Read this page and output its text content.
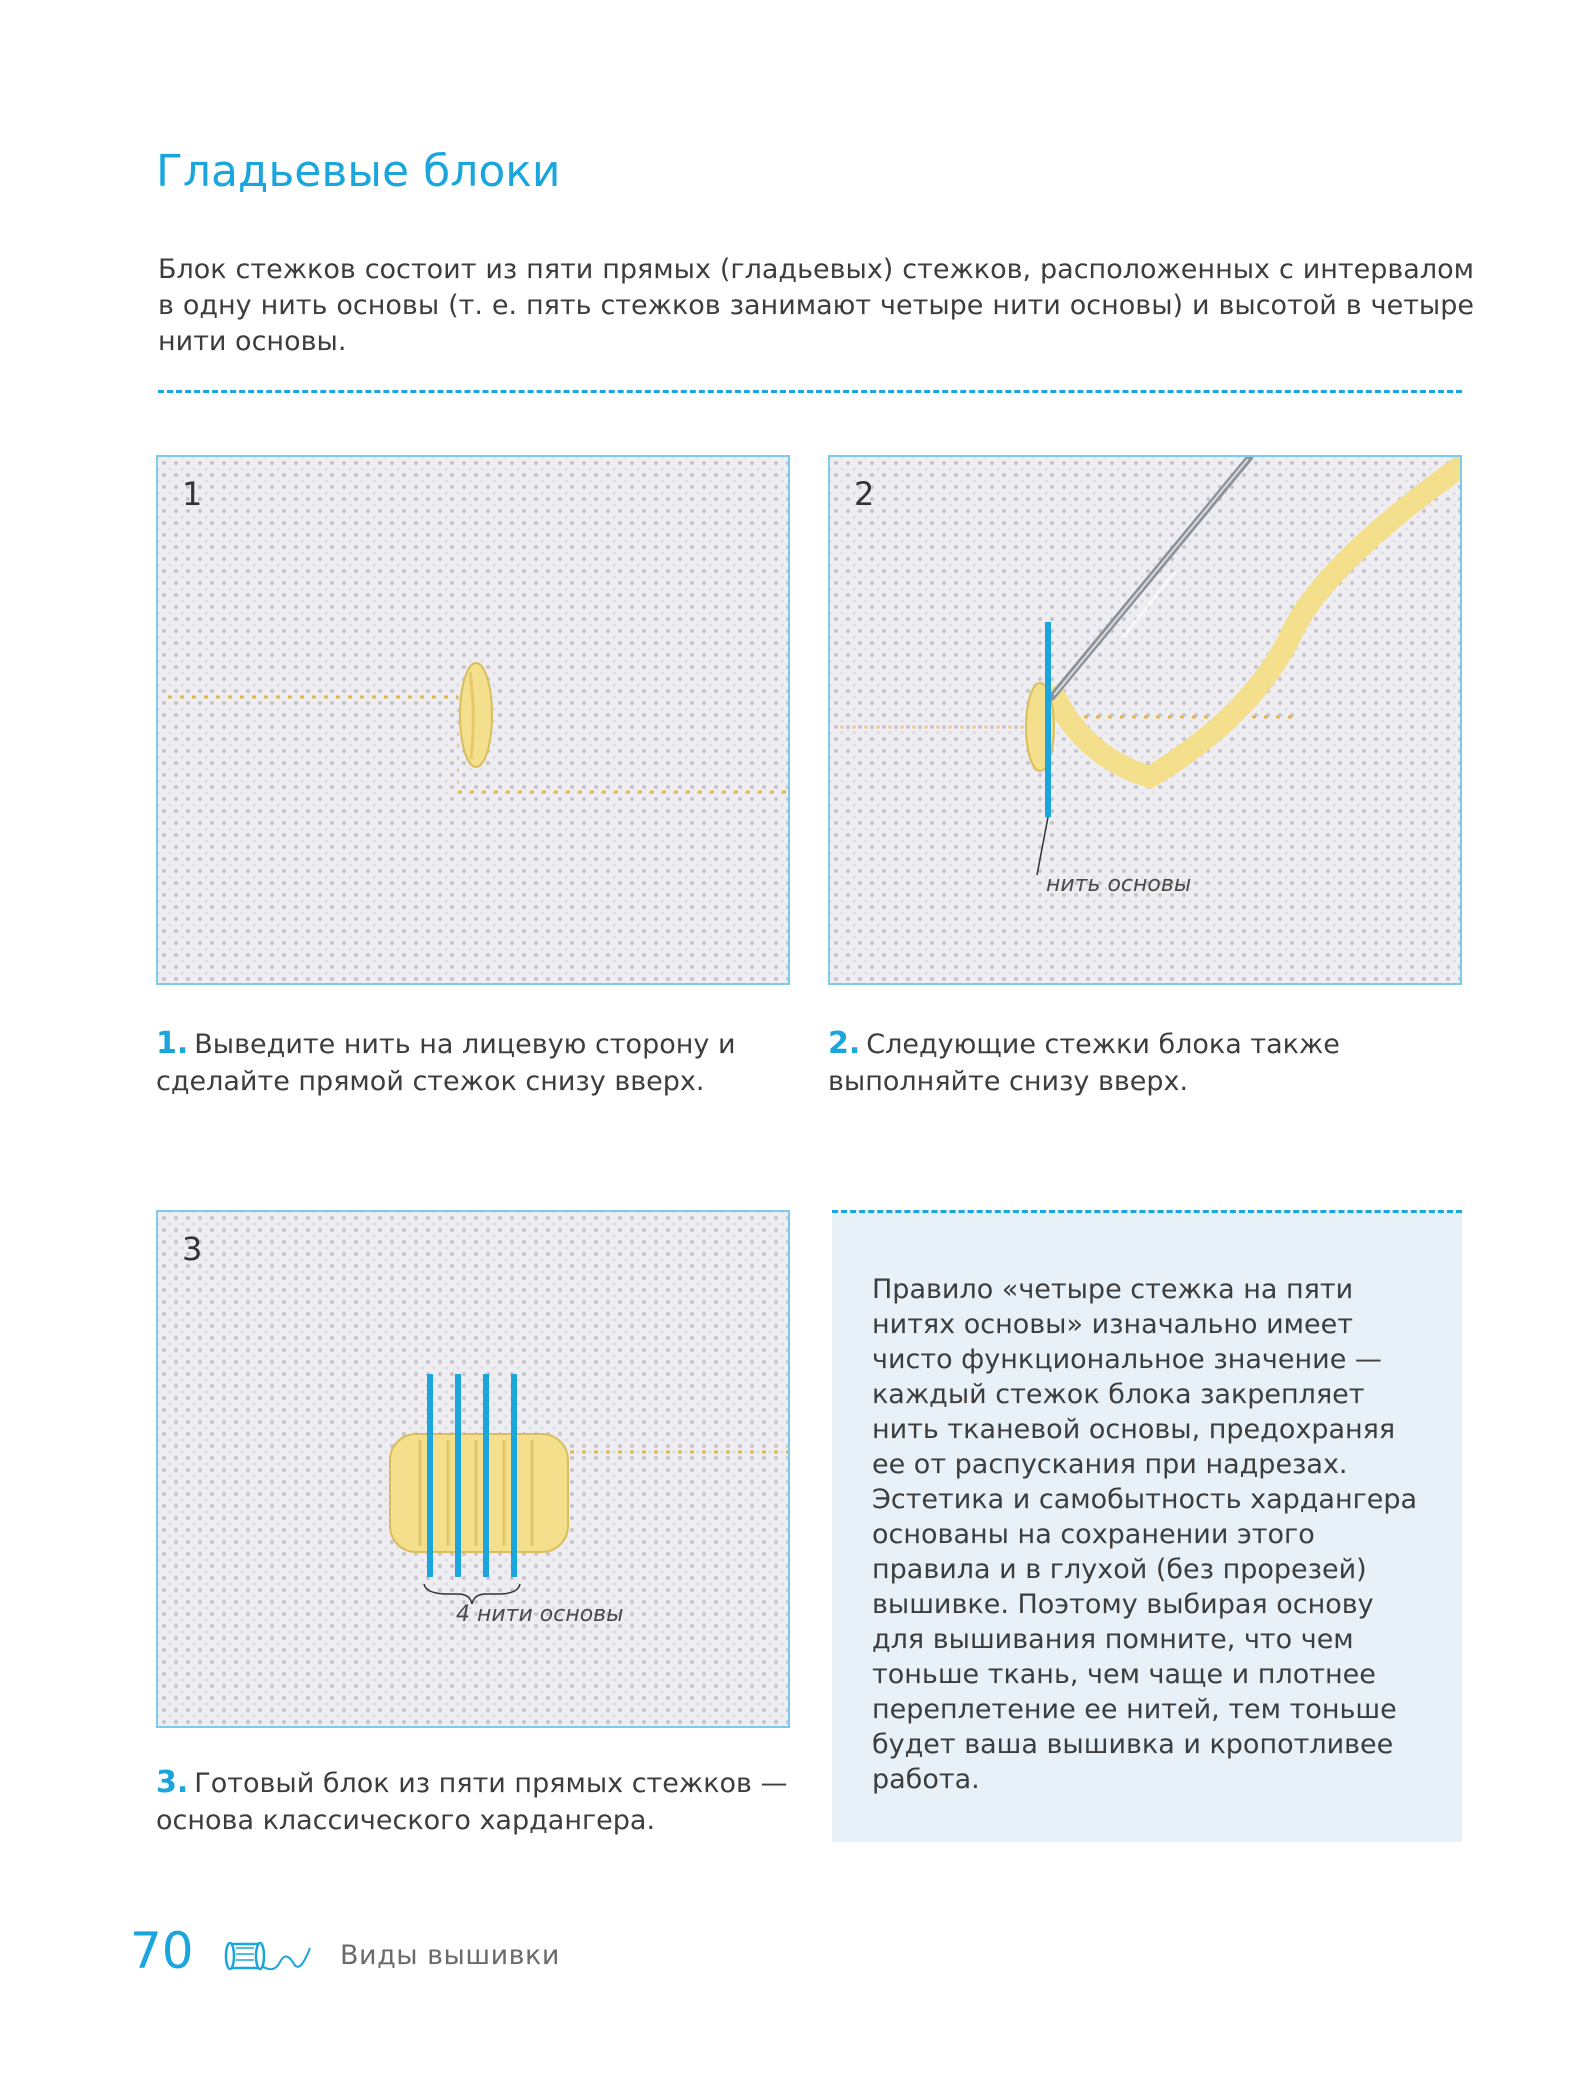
Гладьевые блоки

Блок стежков состоит из пяти прямых (гладьевых) стежков, расположенных с интервалом в одну нить основы (т. е. пять стежков занимают четыре нити основы) и высотой в четыре нити основы.

1	2
нить основы
1. Выведите нить на лицевую сторону и сделайте прямой стежок снизу вверх.
2. Следующие стежки блока также выполняйте снизу вверх.
3
4 нити основы
3. Готовый блок из пяти прямых стежков — основа классического хардангера.

Правило «четыре стежка на пяти нитях основы» изначально имеет чисто функциональное значение — каждый стежок блока закрепляет нить тканевой основы, предохраняя ее от распускания при надрезах. Эстетика и самобытность хардангера основаны на сохранении этого правила и в глухой (без прорезей) вышивке. Поэтому выбирая основу для вышивания помните, что чем тоньше ткань, чем чаще и плотнее переплетение ее нитей, тем тоньше будет ваша вышивка и кропотливее работа.

70	Виды вышивки
